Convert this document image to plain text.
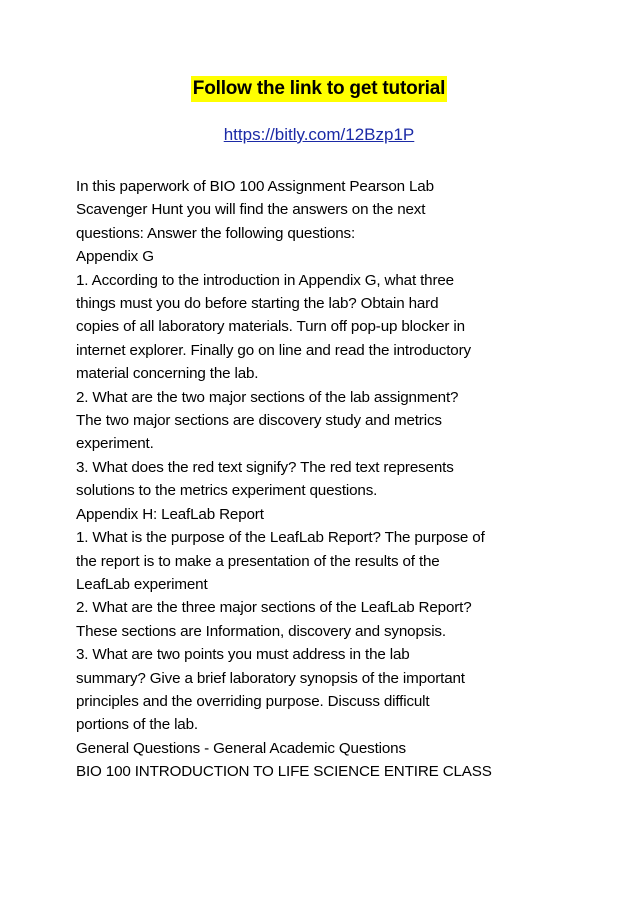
Follow the link to get tutorial
https://bitly.com/12Bzp1P
In this paperwork of BIO 100 Assignment Pearson Lab
Scavenger Hunt you will find the answers on the next
questions: Answer the following questions:
Appendix G
1. According to the introduction in Appendix G, what three
things must you do before starting the lab? Obtain hard
copies of all laboratory materials. Turn off pop-up blocker in
internet explorer. Finally go on line and read the introductory
material concerning the lab.
2. What are the two major sections of the lab assignment?
The two major sections are discovery study and metrics
experiment.
3. What does the red text signify? The red text represents
solutions to the metrics experiment questions.
Appendix H: LeafLab Report
1. What is the purpose of the LeafLab Report? The purpose of
the report is to make a presentation of the results of the
LeafLab experiment
2. What are the three major sections of the LeafLab Report?
These sections are Information, discovery and synopsis.
3. What are two points you must address in the lab
summary? Give a brief laboratory synopsis of the important
principles and the overriding purpose. Discuss difficult
portions of the lab.
General Questions - General Academic Questions
BIO 100 INTRODUCTION TO LIFE SCIENCE ENTIRE CLASS
